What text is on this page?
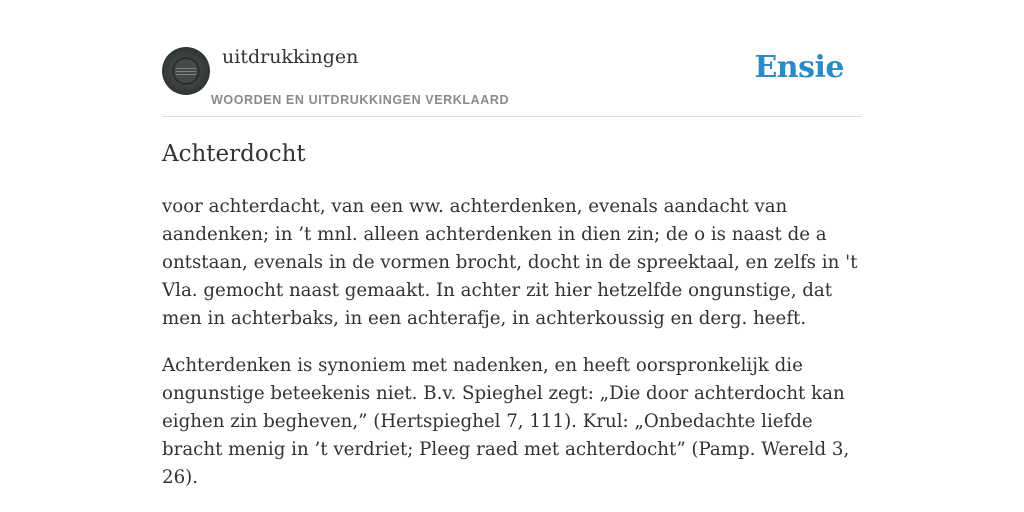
uitdrukkingen
WOORDEN EN UITDRUKKINGEN VERKLAARD
Ensie
Achterdocht

voor achterdacht, van een ww. achterdenken, evenals aandacht van aandenken; in ’t mnl. alleen achterdenken in dien zin; de o is naast de a ontstaan, evenals in de vormen brocht, docht in de spreektaal, en zelfs in 't Vla. gemocht naast gemaakt. In achter zit hier hetzelfde ongunstige, dat men in achterbaks, in een achterafje, in achterkoussig en derg. heeft.

Achterdenken is synoniem met nadenken, en heeft oorspronkelijk die ongunstige beteekenis niet. B.v. Spieghel zegt: „Die door achterdocht kan eighen zin begheven,” (Hertspieghel 7, 111). Krul: „Onbedachte liefde bracht menig in ’t verdriet; Pleeg raed met achterdocht” (Pamp. Wereld 3, 26).
